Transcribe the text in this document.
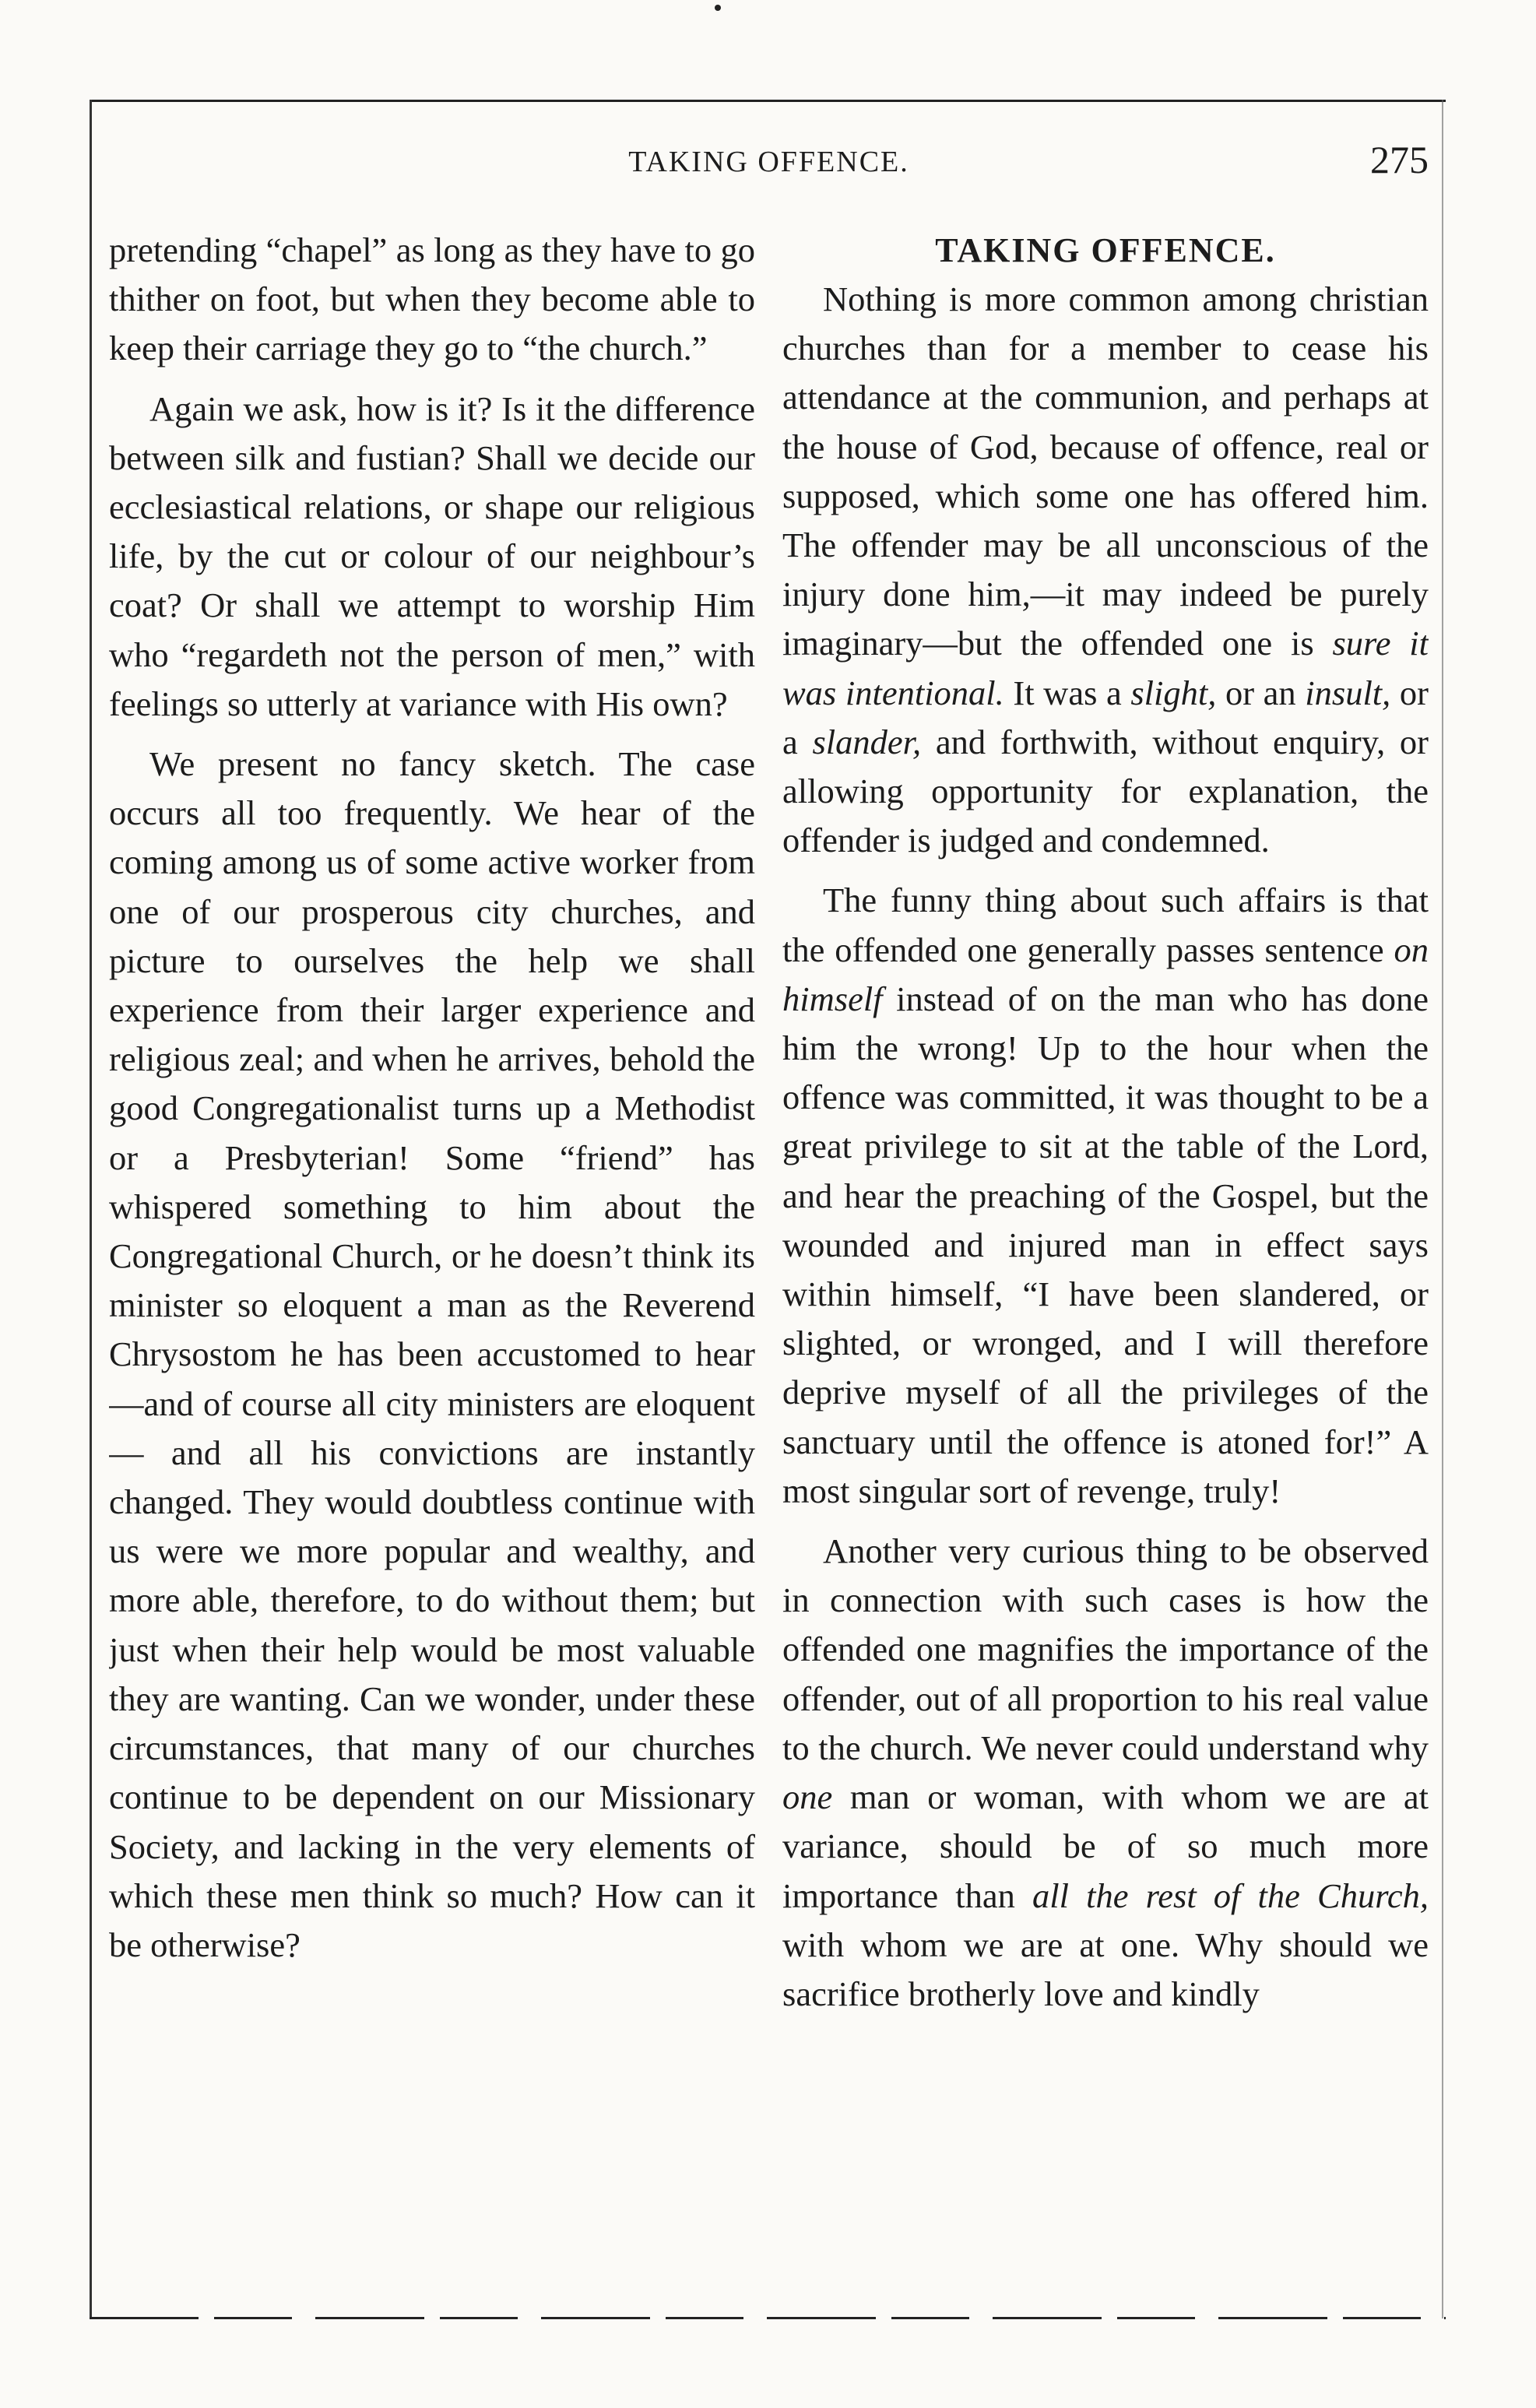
TAKING OFFENCE.	275

pretending “chapel” as long as they have to go thither on foot, but when they become able to keep their carriage they go to “the church.”

Again we ask, how is it? Is it the difference between silk and fustian? Shall we decide our ecclesiastical relations, or shape our religious life, by the cut or colour of our neighbour’s coat? Or shall we attempt to worship Him who “regardeth not the person of men,” with feelings so utterly at variance with His own?

We present no fancy sketch. The case occurs all too frequently. We hear of the coming among us of some active worker from one of our prosperous city churches, and picture to ourselves the help we shall experience from their larger experience and religious zeal; and when he arrives, behold the good Congregationalist turns up a Methodist or a Presbyterian! Some “friend” has whispered something to him about the Congregational Church, or he doesn’t think its minister so eloquent a man as the Reverend Chrysostom he has been accustomed to hear—and of course all city ministers are eloquent— and all his convictions are instantly changed. They would doubtless continue with us were we more popular and wealthy, and more able, therefore, to do without them; but just when their help would be most valuable they are wanting. Can we wonder, under these circumstances, that many of our churches continue to be dependent on our Missionary Society, and lacking in the very elements of which these men think so much? How can it be otherwise?

TAKING OFFENCE.

Nothing is more common among christian churches than for a member to cease his attendance at the communion, and perhaps at the house of God, because of offence, real or supposed, which some one has offered him. The offender may be all unconscious of the injury done him,—it may indeed be purely imaginary—but the offended one is sure it was intentional. It was a slight, or an insult, or a slander, and forthwith, without enquiry, or allowing opportunity for explanation, the offender is judged and condemned.

The funny thing about such affairs is that the offended one generally passes sentence on himself instead of on the man who has done him the wrong! Up to the hour when the offence was committed, it was thought to be a great privilege to sit at the table of the Lord, and hear the preaching of the Gospel, but the wounded and injured man in effect says within himself, “I have been slandered, or slighted, or wronged, and I will therefore deprive myself of all the privileges of the sanctuary until the offence is atoned for!” A most singular sort of revenge, truly!

Another very curious thing to be observed in connection with such cases is how the offended one magnifies the importance of the offender, out of all proportion to his real value to the church. We never could understand why one man or woman, with whom we are at variance, should be of so much more importance than all the rest of the Church, with whom we are at one. Why should we sacrifice brotherly love and kindly
